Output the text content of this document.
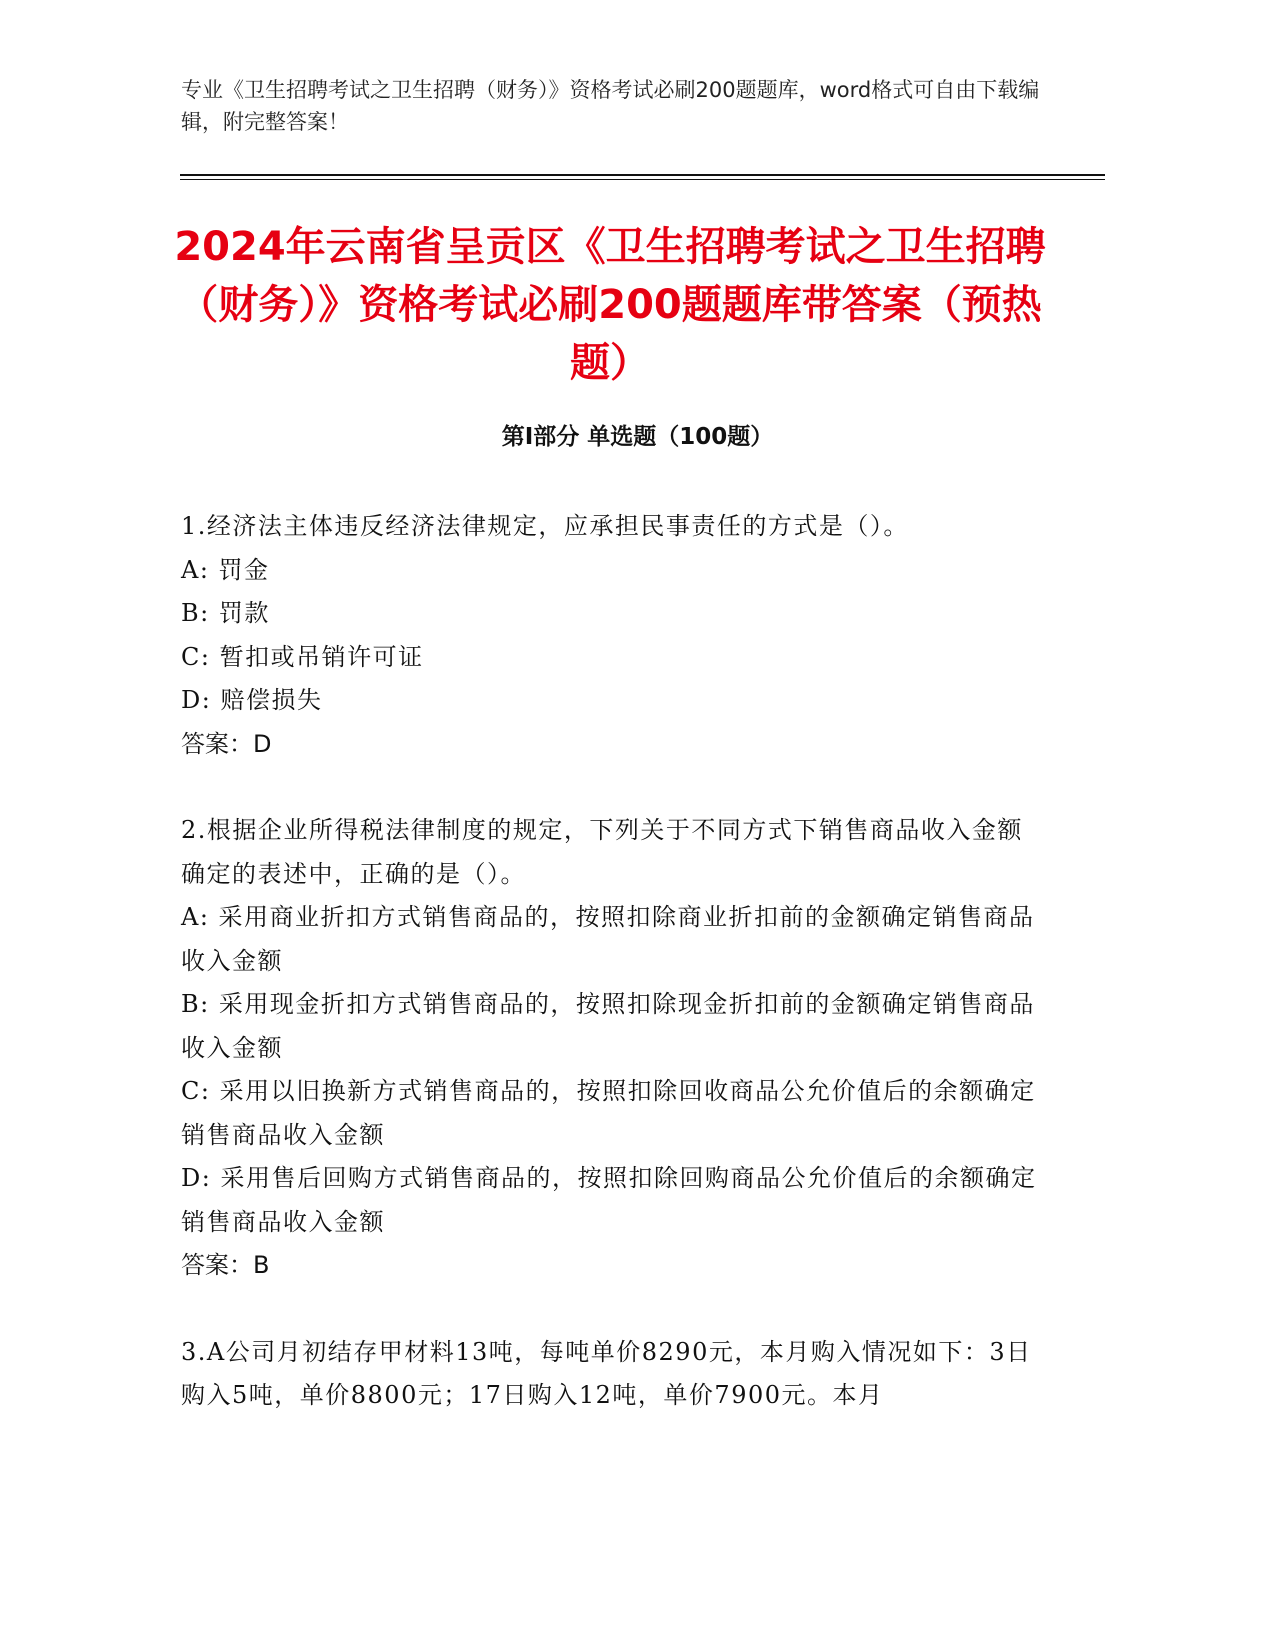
专业《卫生招聘考试之卫生招聘（财务）》资格考试必刷200题题库，word格式可自由下载编辑，附完整答案！
2024年云南省呈贡区《卫生招聘考试之卫生招聘（财务）》资格考试必刷200题题库带答案（预热题）
第I部分 单选题（100题）

1.经济法主体违反经济法律规定，应承担民事责任的方式是（）。

A: 罚金

B: 罚款

C: 暂扣或吊销许可证

D: 赔偿损失

答案：D

2.根据企业所得税法律制度的规定，下列关于不同方式下销售商品收入金额确定的表述中，正确的是（）。

A: 采用商业折扣方式销售商品的，按照扣除商业折扣前的金额确定销售商品收入金额

B: 采用现金折扣方式销售商品的，按照扣除现金折扣前的金额确定销售商品收入金额

C: 采用以旧换新方式销售商品的，按照扣除回收商品公允价值后的余额确定销售商品收入金额

D: 采用售后回购方式销售商品的，按照扣除回购商品公允价值后的余额确定销售商品收入金额

答案：B

3.A公司月初结存甲材料13吨，每吨单价8290元，本月购入情况如下：3日购入5吨，单价8800元；17日购入12吨，单价7900元。本月
